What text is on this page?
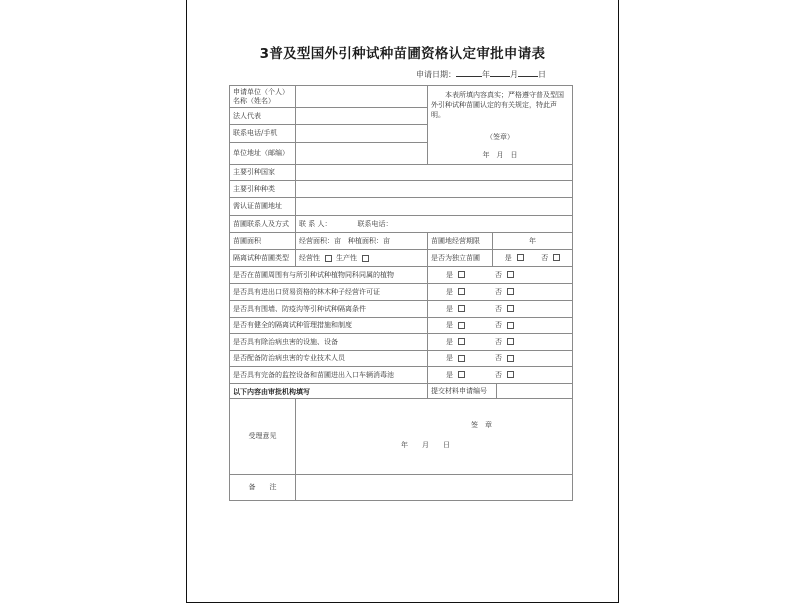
3普及型国外引种试种苗圃资格认定审批申请表
申请日期：	年	月	日
申请单位（个人）名称（姓名）
法人代表
联系电话/手机
单位地址（邮编）
本表所填内容真实；严格遵守普及型国外引种试种苗圃认定的有关规定，特此声明。
（签章）
年　月　日
主要引种国家
主要引种种类
需认证苗圃地址
苗圃联系人及方式	联 系 人：	联系电话：
苗圃面积	经营面积：亩　种植面积：亩	苗圃地经营期限	年
隔离试种苗圃类型	经营性 生产性	是否为独立苗圃	是	否
是否在苗圃周围有与所引种试种植物同科同属的植物	是	否
是否具有进出口贸易资格的林木种子经营许可证	是	否
是否具有围墙、防疫沟等引种试种隔离条件	是	否
是否有健全的隔离试种管理措施和制度	是	否
是否具有除治病虫害的设施、设备	是	否
是否配备防治病虫害的专业技术人员	是	否
是否具有完备的监控设备和苗圃进出入口车辆消毒池	是	否
以下内容由审批机构填写	提交材料申请编号
受理意见
签　章
年　　月　　日
备　　注
